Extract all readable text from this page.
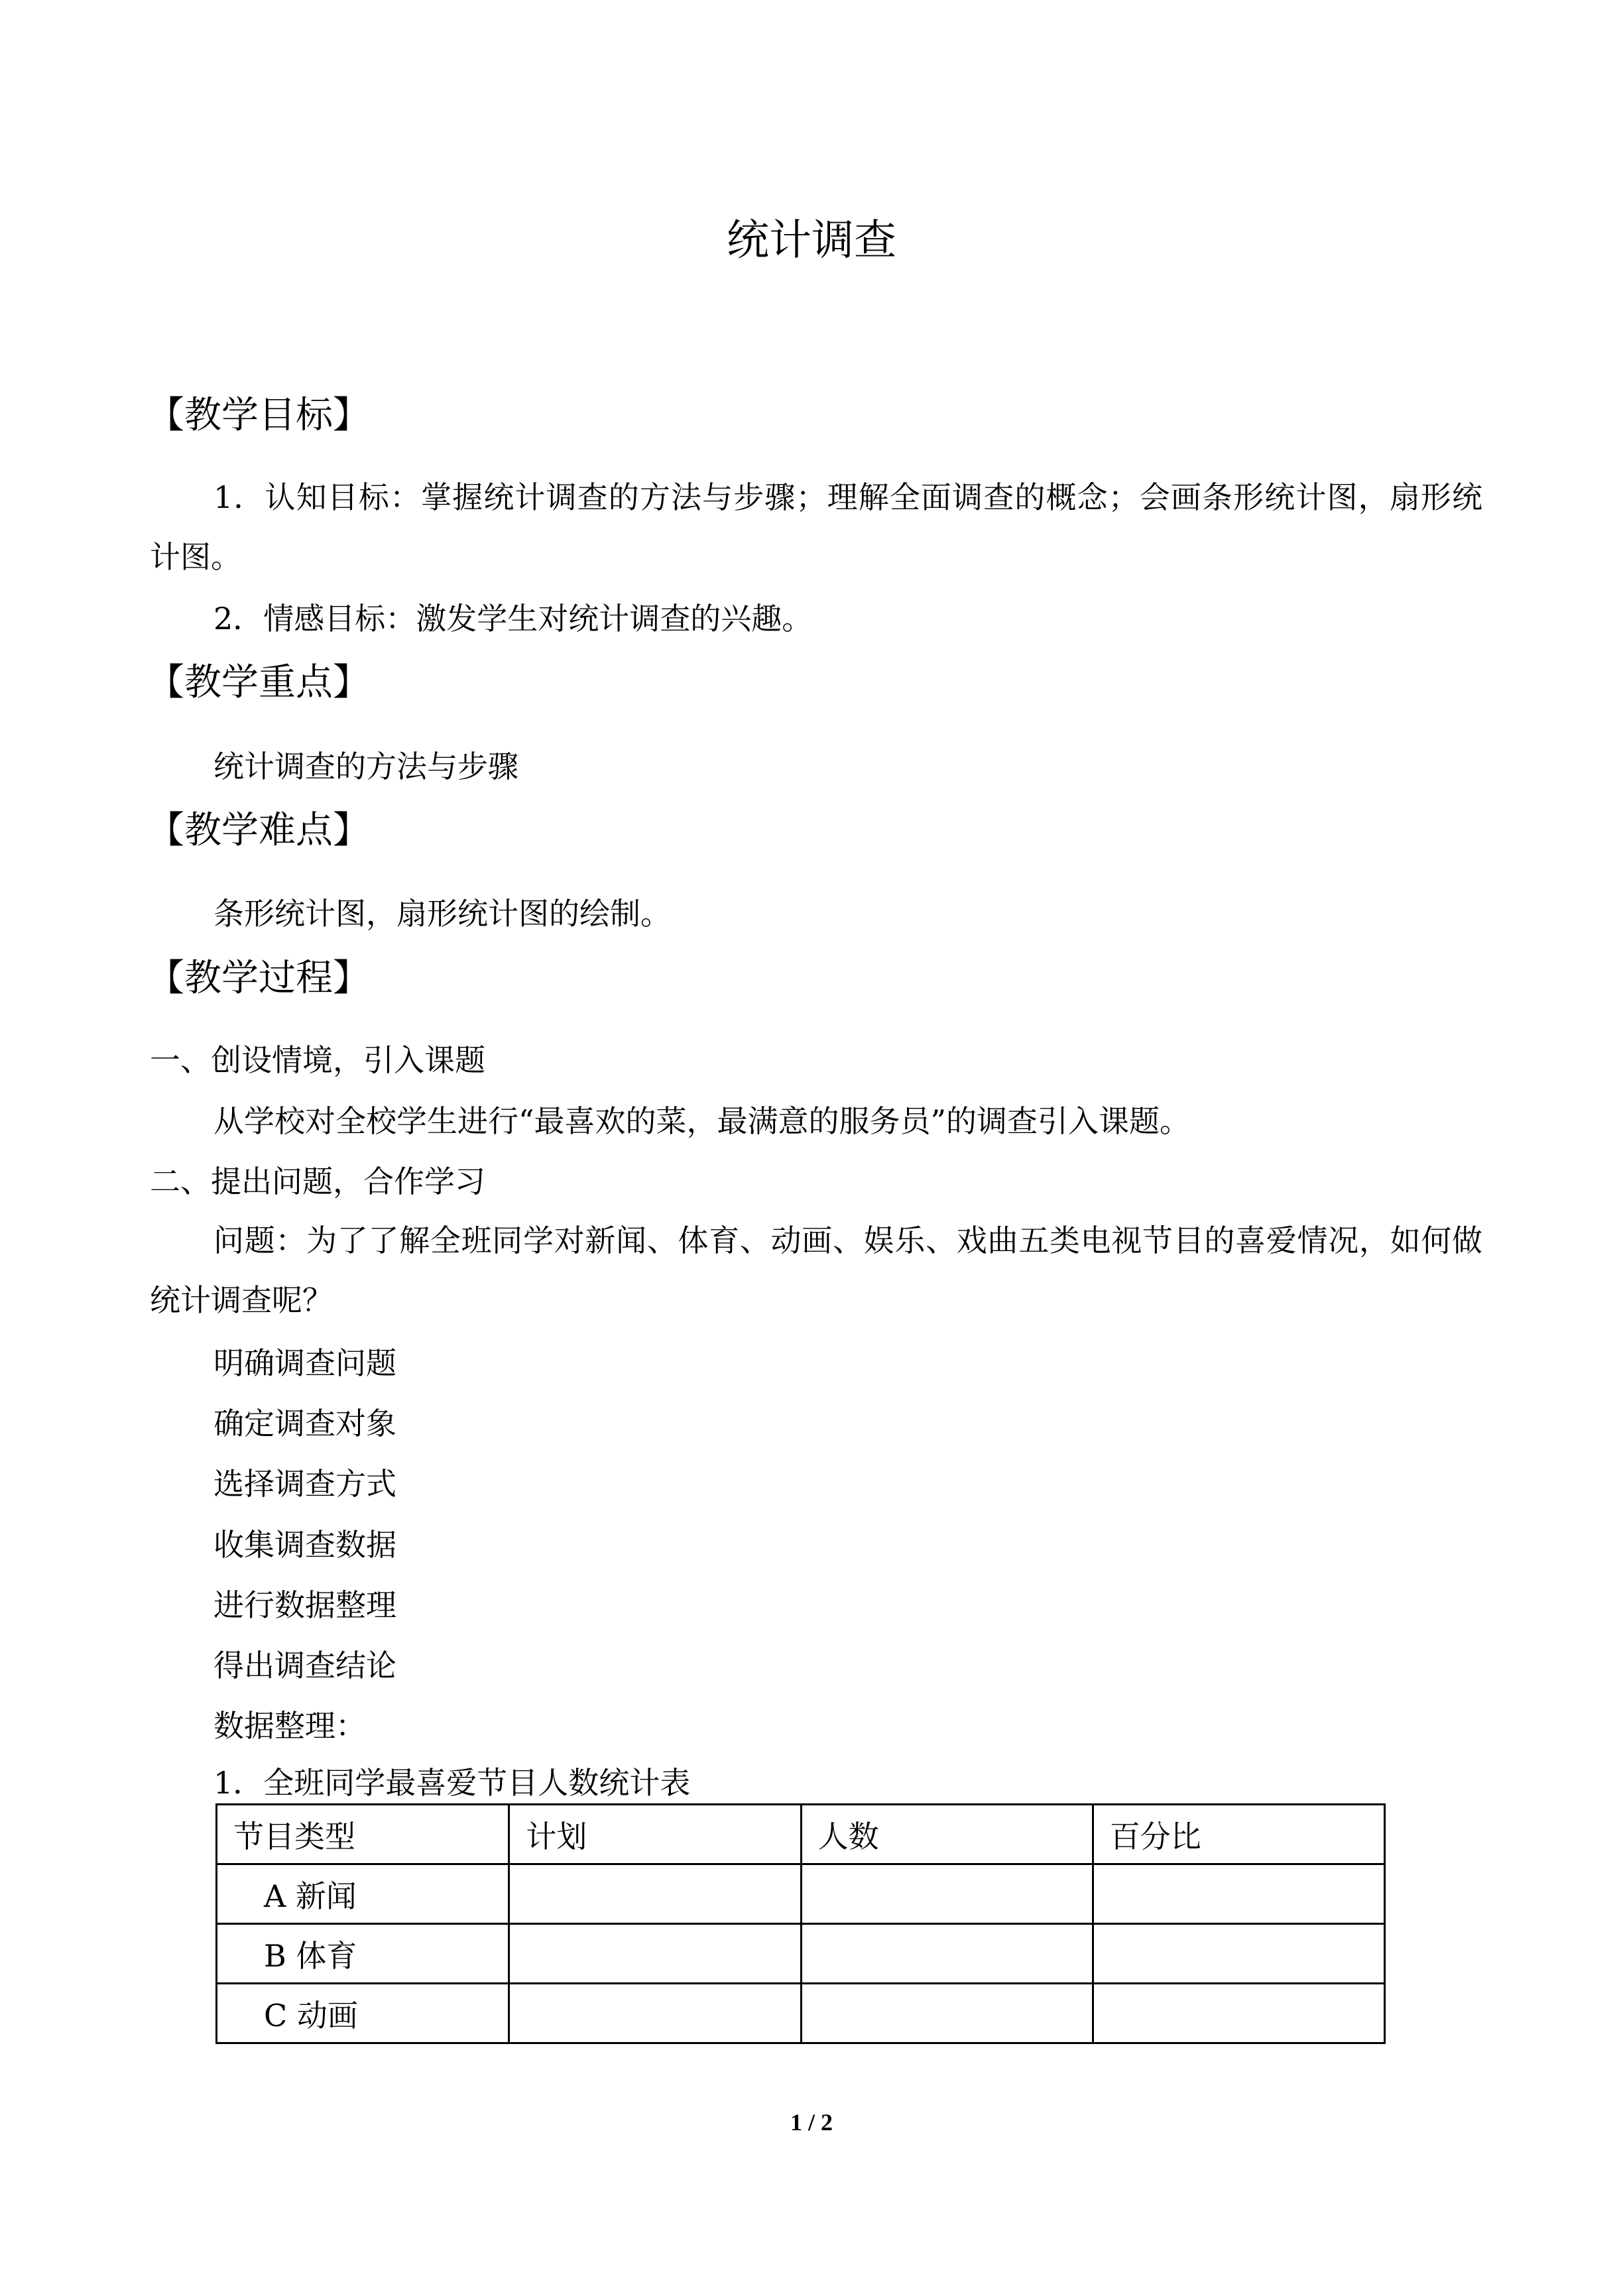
统计调查
【教学目标】
1．认知目标：掌握统计调查的方法与步骤；理解全面调查的概念；会画条形统计图，扇形统计图。
2．情感目标：激发学生对统计调查的兴趣。
【教学重点】
统计调查的方法与步骤
【教学难点】
条形统计图，扇形统计图的绘制。
【教学过程】
一、创设情境，引入课题
从学校对全校学生进行“最喜欢的菜，最满意的服务员”的调查引入课题。
二、提出问题，合作学习
问题：为了了解全班同学对新闻、体育、动画、娱乐、戏曲五类电视节目的喜爱情况，如何做统计调查呢？
明确调查问题
确定调查对象
选择调查方式
收集调查数据
进行数据整理
得出调查结论
数据整理：
1．全班同学最喜爱节目人数统计表
节目类型	计划	人数	百分比
A 新闻			
B 体育			
C 动画			
1 / 2
